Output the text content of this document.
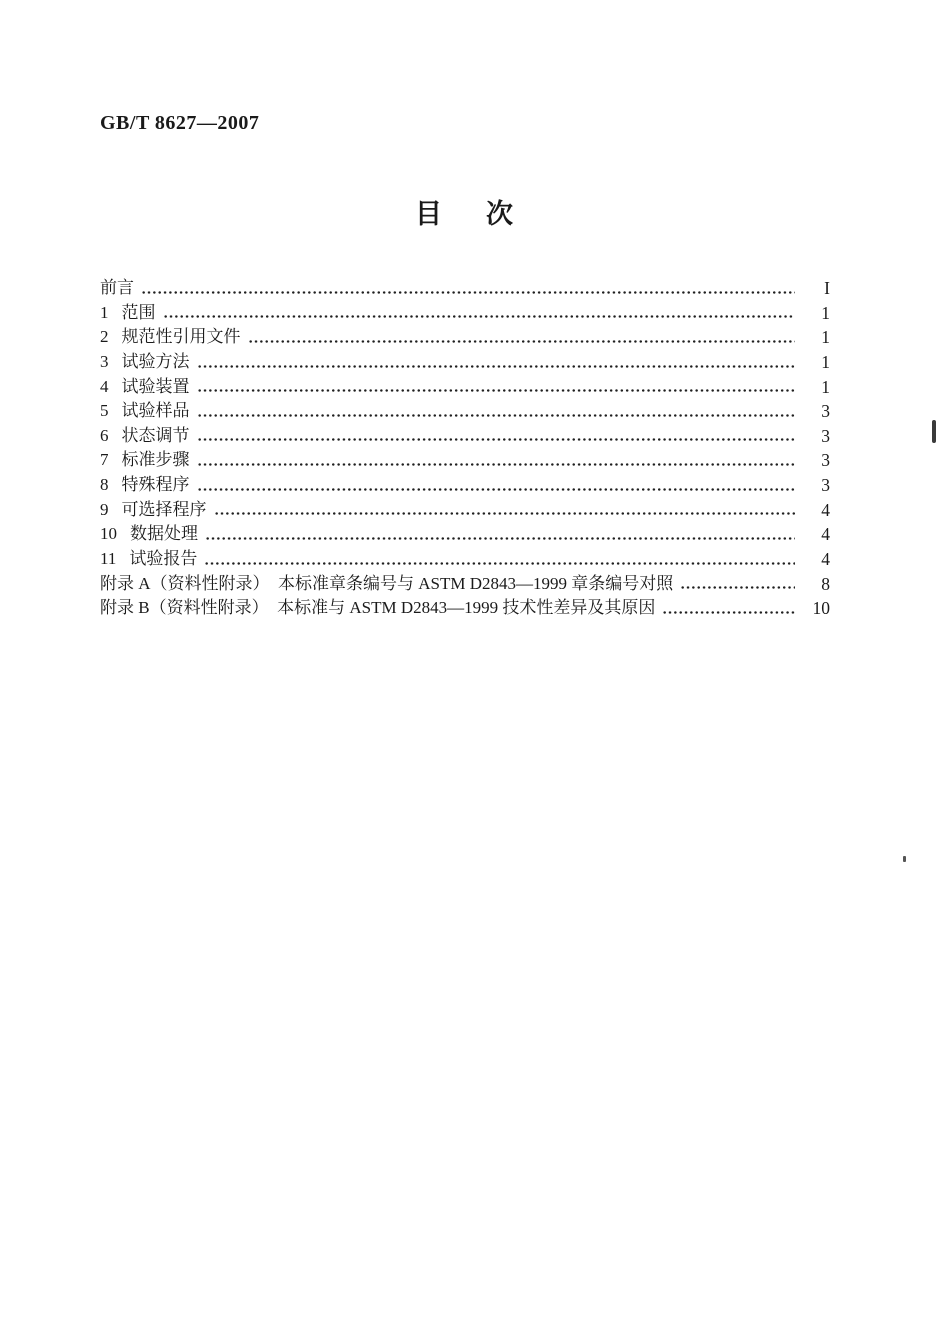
GB/T 8627—2007
目次
前言	I
1 范围	1
2 规范性引用文件	1
3 试验方法	1
4 试验装置	1
5 试验样品	3
6 状态调节	3
7 标准步骤	3
8 特殊程序	3
9 可选择程序	4
10 数据处理	4
11 试验报告	4
附录 A（资料性附录）  本标准章条编号与 ASTM D2843—1999 章条编号对照	8
附录 B（资料性附录）  本标准与 ASTM D2843—1999 技术性差异及其原因	10
